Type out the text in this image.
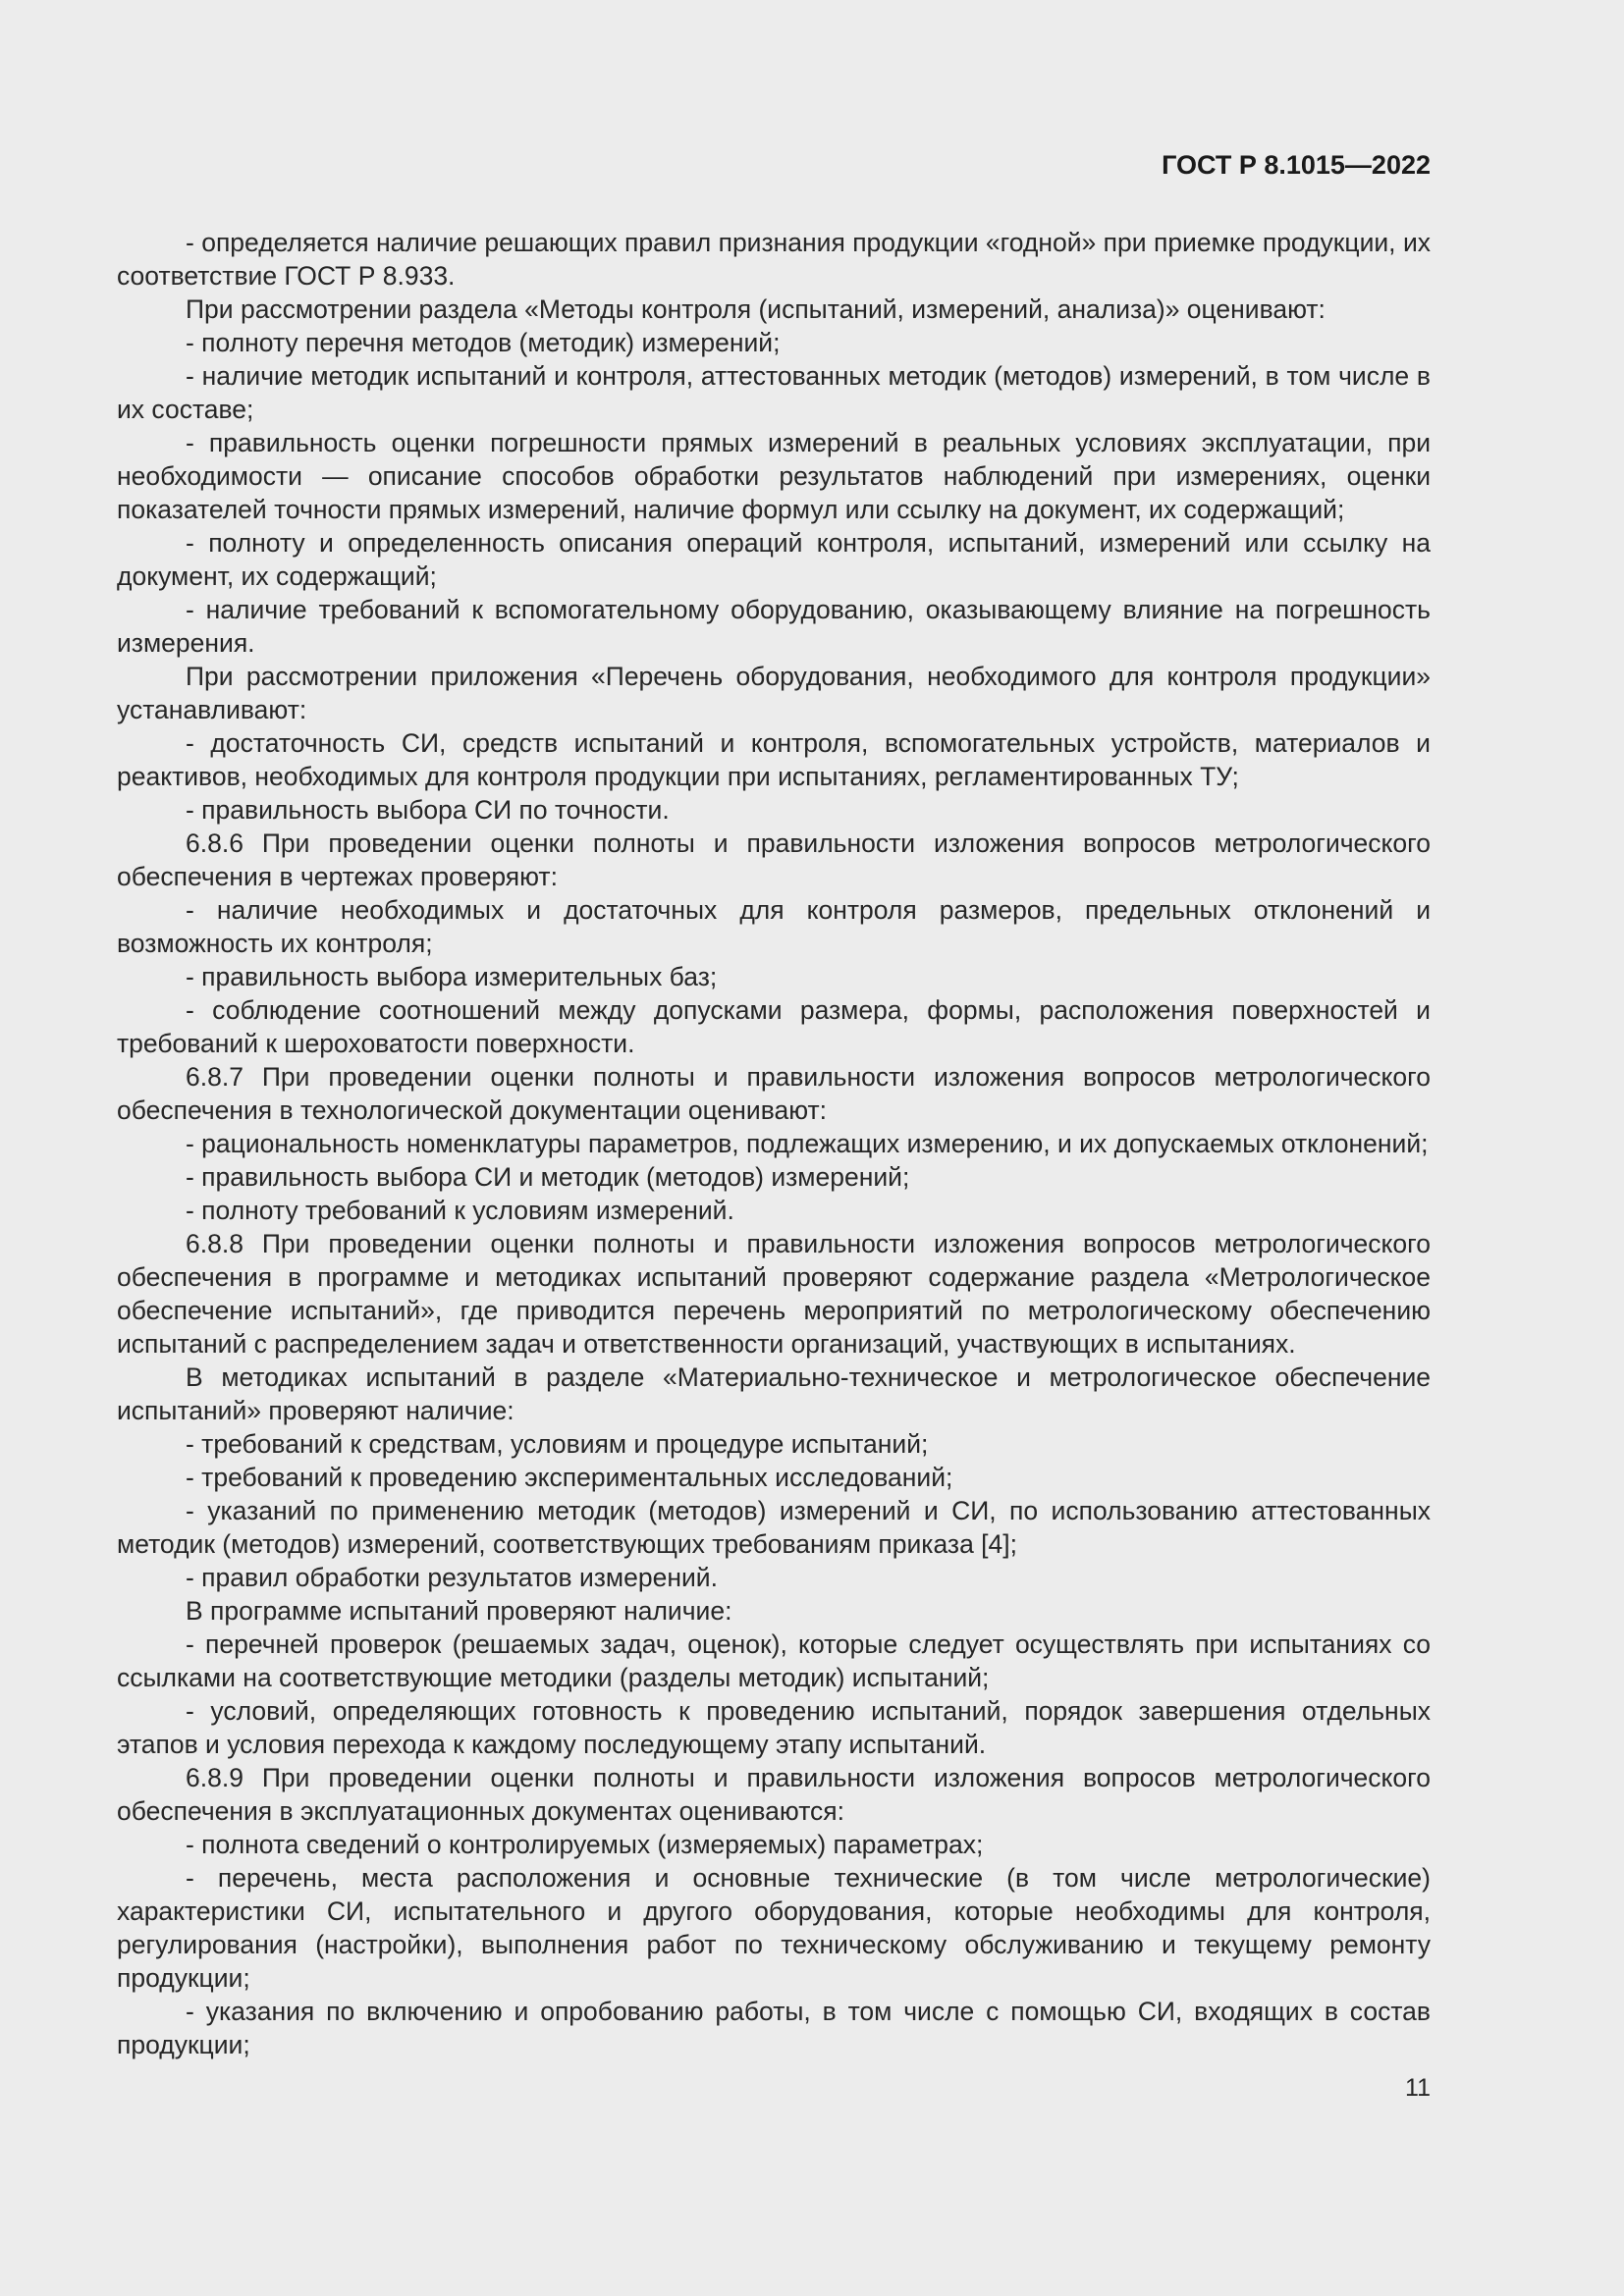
ГОСТ Р 8.1015—2022

- определяется наличие решающих правил признания продукции «годной» при приемке продукции, их соответствие ГОСТ Р 8.933.

При рассмотрении раздела «Методы контроля (испытаний, измерений, анализа)» оценивают:

- полноту перечня методов (методик) измерений;

- наличие методик испытаний и контроля, аттестованных методик (методов) измерений, в том числе в их составе;

- правильность оценки погрешности прямых измерений в реальных условиях эксплуатации, при необходимости — описание способов обработки результатов наблюдений при измерениях, оценки показателей точности прямых измерений, наличие формул или ссылку на документ, их содержащий;

- полноту и определенность описания операций контроля, испытаний, измерений или ссылку на документ, их содержащий;

- наличие требований к вспомогательному оборудованию, оказывающему влияние на погрешность измерения.

При рассмотрении приложения «Перечень оборудования, необходимого для контроля продукции» устанавливают:

- достаточность СИ, средств испытаний и контроля, вспомогательных устройств, материалов и реактивов, необходимых для контроля продукции при испытаниях, регламентированных ТУ;

- правильность выбора СИ по точности.

6.8.6 При проведении оценки полноты и правильности изложения вопросов метрологического обеспечения в чертежах проверяют:

- наличие необходимых и достаточных для контроля размеров, предельных отклонений и возможность их контроля;

- правильность выбора измерительных баз;

- соблюдение соотношений между допусками размера, формы, расположения поверхностей и требований к шероховатости поверхности.

6.8.7 При проведении оценки полноты и правильности изложения вопросов метрологического обеспечения в технологической документации оценивают:

- рациональность номенклатуры параметров, подлежащих измерению, и их допускаемых отклонений;

- правильность выбора СИ и методик (методов) измерений;

- полноту требований к условиям измерений.

6.8.8 При проведении оценки полноты и правильности изложения вопросов метрологического обеспечения в программе и методиках испытаний проверяют содержание раздела «Метрологическое обеспечение испытаний», где приводится перечень мероприятий по метрологическому обеспечению испытаний с распределением задач и ответственности организаций, участвующих в испытаниях.

В методиках испытаний в разделе «Материально-техническое и метрологическое обеспечение испытаний» проверяют наличие:

- требований к средствам, условиям и процедуре испытаний;

- требований к проведению экспериментальных исследований;

- указаний по применению методик (методов) измерений и СИ, по использованию аттестованных методик (методов) измерений, соответствующих требованиям приказа [4];

- правил обработки результатов измерений.

В программе испытаний проверяют наличие:

- перечней проверок (решаемых задач, оценок), которые следует осуществлять при испытаниях со ссылками на соответствующие методики (разделы методик) испытаний;

- условий, определяющих готовность к проведению испытаний, порядок завершения отдельных этапов и условия перехода к каждому последующему этапу испытаний.

6.8.9 При проведении оценки полноты и правильности изложения вопросов метрологического обеспечения в эксплуатационных документах оцениваются:

- полнота сведений о контролируемых (измеряемых) параметрах;

- перечень, места расположения и основные технические (в том числе метрологические) характеристики СИ, испытательного и другого оборудования, которые необходимы для контроля, регулирования (настройки), выполнения работ по техническому обслуживанию и текущему ремонту продукции;

- указания по включению и опробованию работы, в том числе с помощью СИ, входящих в состав продукции;

11
